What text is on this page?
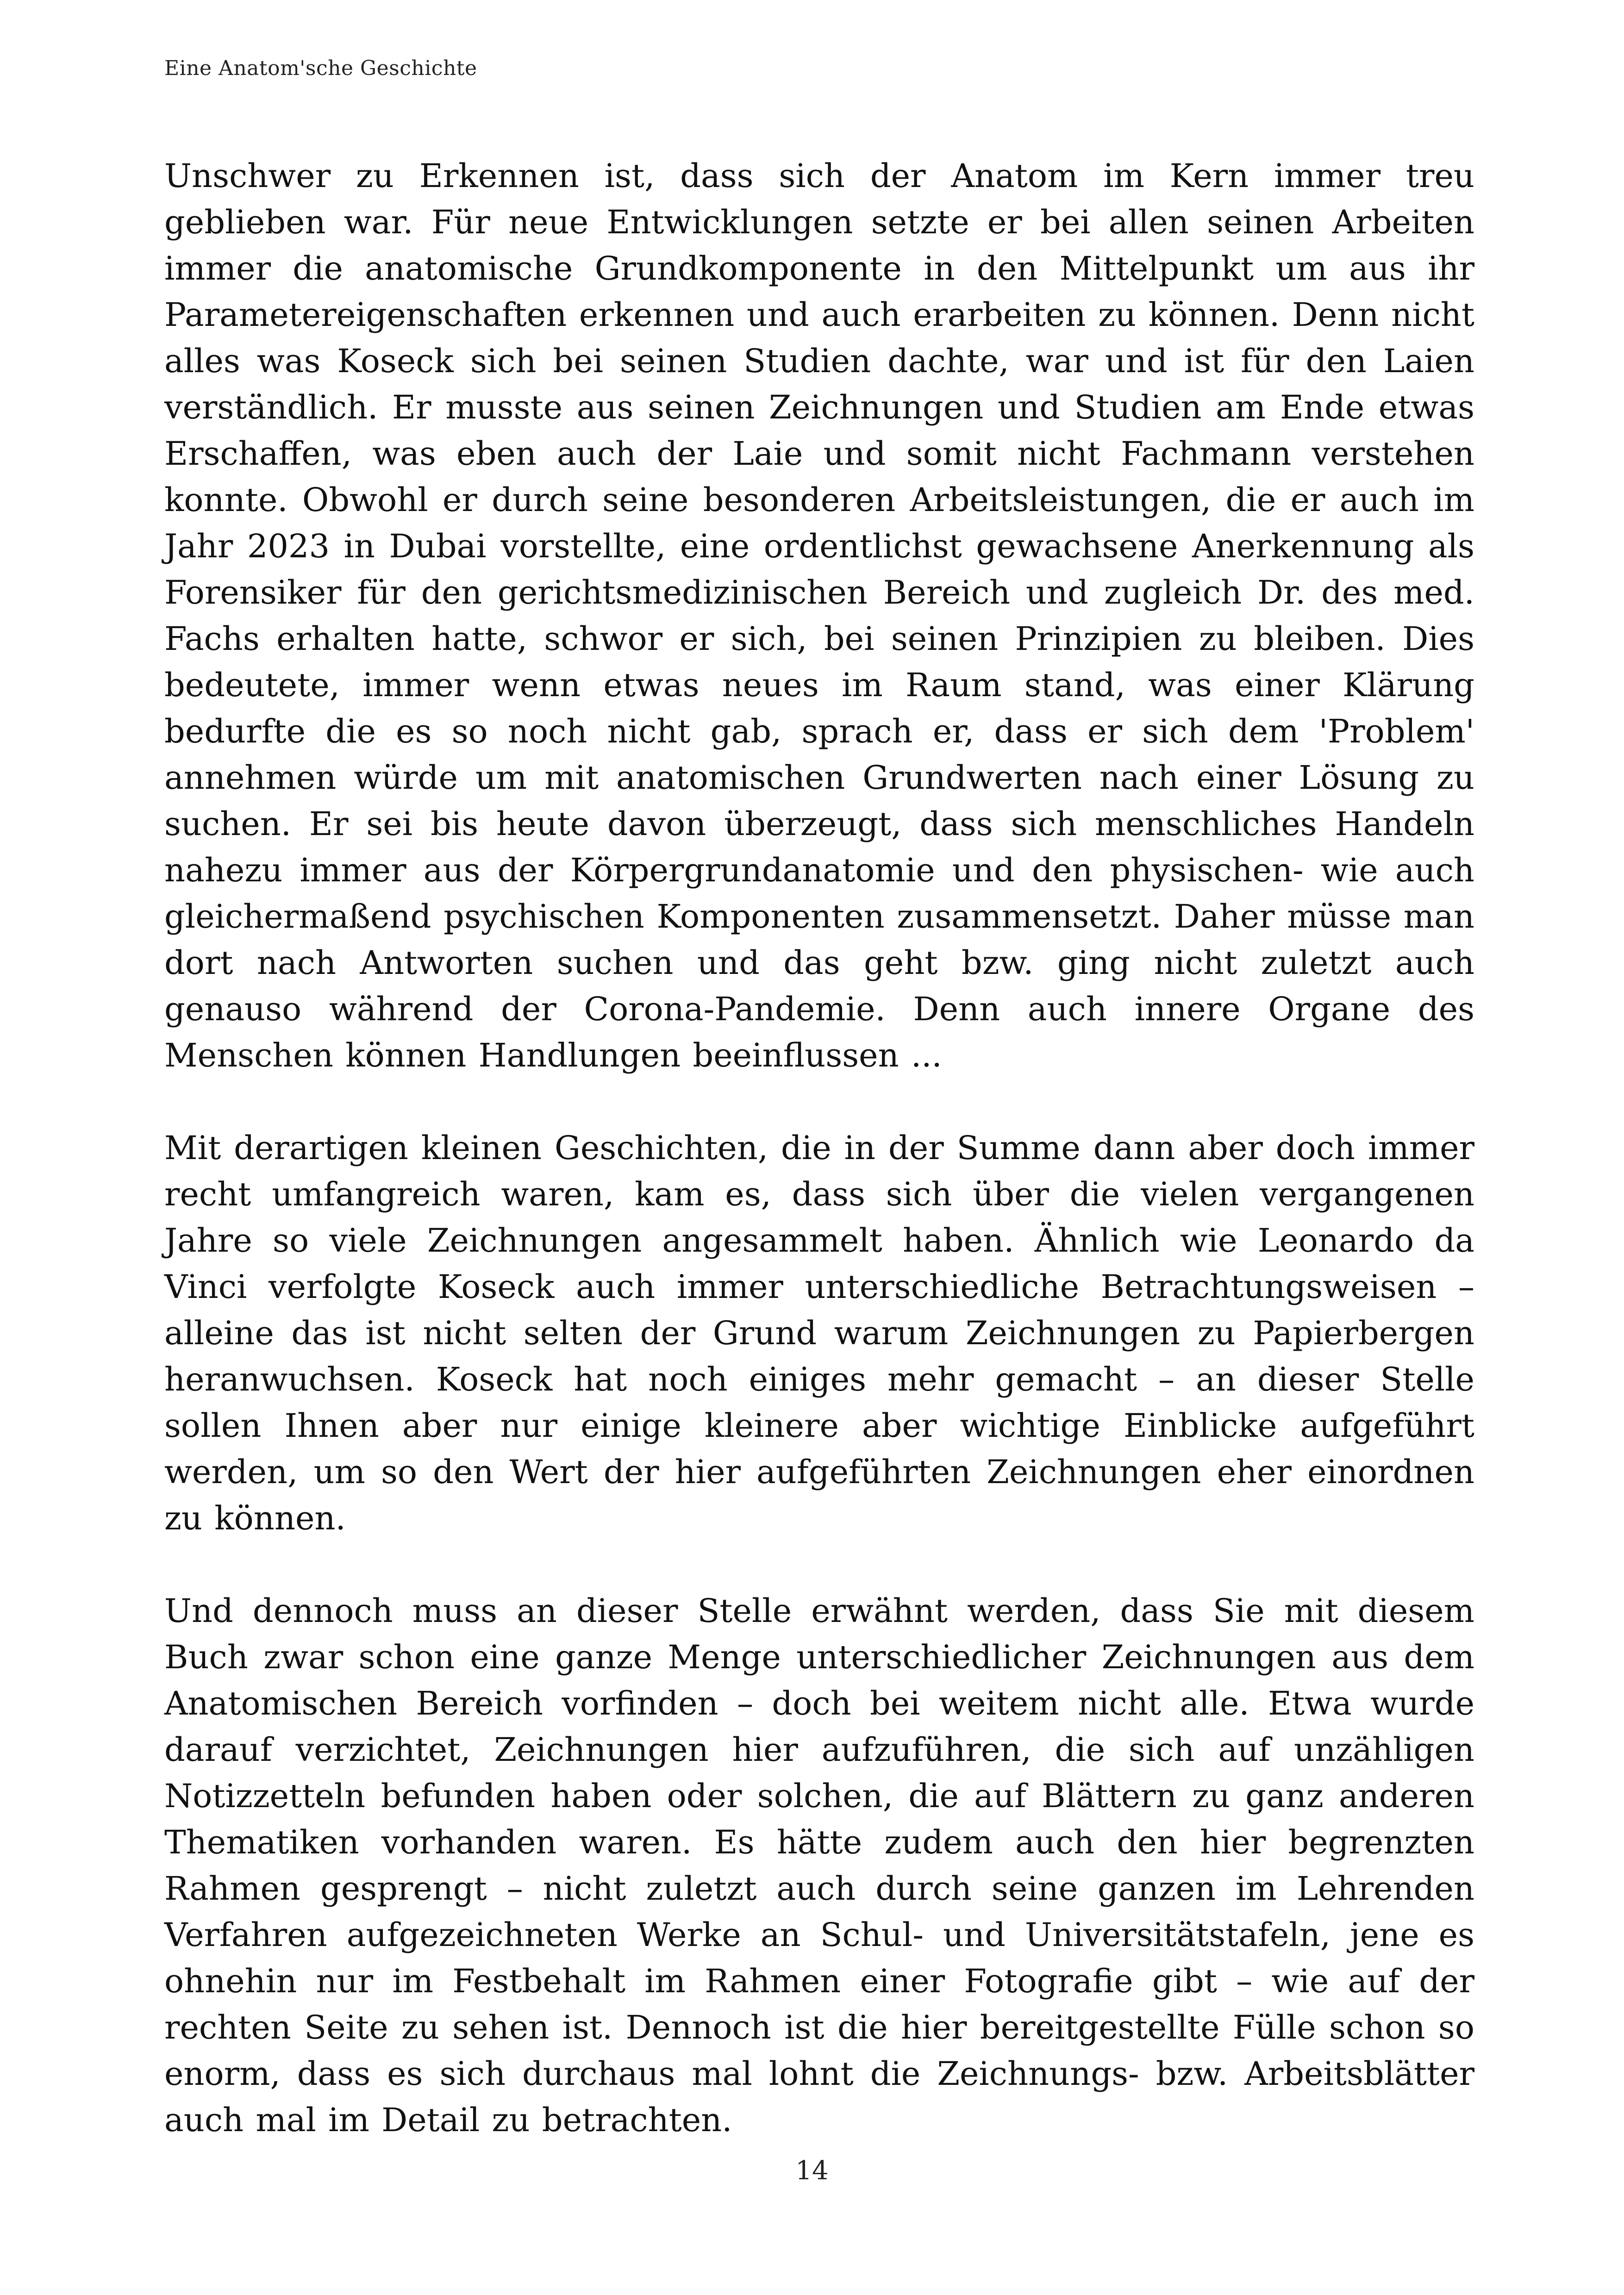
Eine Anatom'sche Geschichte

Unschwer zu Erkennen ist, dass sich der Anatom im Kern immer treu geblieben war. Für neue Entwicklungen setzte er bei allen seinen Arbeiten immer die anatomische Grundkomponente in den Mittelpunkt um aus ihr Parametereigenschaften erkennen und auch erarbeiten zu können. Denn nicht alles was Koseck sich bei seinen Studien dachte, war und ist für den Laien verständlich. Er musste aus seinen Zeichnungen und Studien am Ende etwas Erschaffen, was eben auch der Laie und somit nicht Fachmann verstehen konnte. Obwohl er durch seine besonderen Arbeitsleistungen, die er auch im Jahr 2023 in Dubai vorstellte, eine ordentlichst gewachsene Anerkennung als Forensiker für den gerichtsmedizinischen Bereich und zugleich Dr. des med. Fachs erhalten hatte, schwor er sich, bei seinen Prinzipien zu bleiben. Dies bedeutete, immer wenn etwas neues im Raum stand, was einer Klärung bedurfte die es so noch nicht gab, sprach er, dass er sich dem 'Problem' annehmen würde um mit anatomischen Grundwerten nach einer Lösung zu suchen. Er sei bis heute davon überzeugt, dass sich menschliches Handeln nahezu immer aus der Körpergrundanatomie und den physischen- wie auch gleichermaßend psychischen Komponenten zusammensetzt. Daher müsse man dort nach Antworten suchen und das geht bzw. ging nicht zuletzt auch genauso während der Corona-Pandemie. Denn auch innere Organe des Menschen können Handlungen beeinflussen ...

Mit derartigen kleinen Geschichten, die in der Summe dann aber doch immer recht umfangreich waren, kam es, dass sich über die vielen vergangenen Jahre so viele Zeichnungen angesammelt haben. Ähnlich wie Leonardo da Vinci verfolgte Koseck auch immer unterschiedliche Betrachtungsweisen – alleine das ist nicht selten der Grund warum Zeichnungen zu Papierbergen heranwuchsen. Koseck hat noch einiges mehr gemacht – an dieser Stelle sollen Ihnen aber nur einige kleinere aber wichtige Einblicke aufgeführt werden, um so den Wert der hier aufgeführten Zeichnungen eher einordnen zu können.

Und dennoch muss an dieser Stelle erwähnt werden, dass Sie mit diesem Buch zwar schon eine ganze Menge unterschiedlicher Zeichnungen aus dem Anatomischen Bereich vorfinden – doch bei weitem nicht alle. Etwa wurde darauf verzichtet, Zeichnungen hier aufzuführen, die sich auf unzähligen Notizzetteln befunden haben oder solchen, die auf Blättern zu ganz anderen Thematiken vorhanden waren. Es hätte zudem auch den hier begrenzten Rahmen gesprengt – nicht zuletzt auch durch seine ganzen im Lehrenden Verfahren aufgezeichneten Werke an Schul- und Universitätstafeln, jene es ohnehin nur im Festbehalt im Rahmen einer Fotografie gibt – wie auf der rechten Seite zu sehen ist. Dennoch ist die hier bereitgestellte Fülle schon so enorm, dass es sich durchaus mal lohnt die Zeichnungs- bzw. Arbeitsblätter auch mal im Detail zu betrachten.

14
